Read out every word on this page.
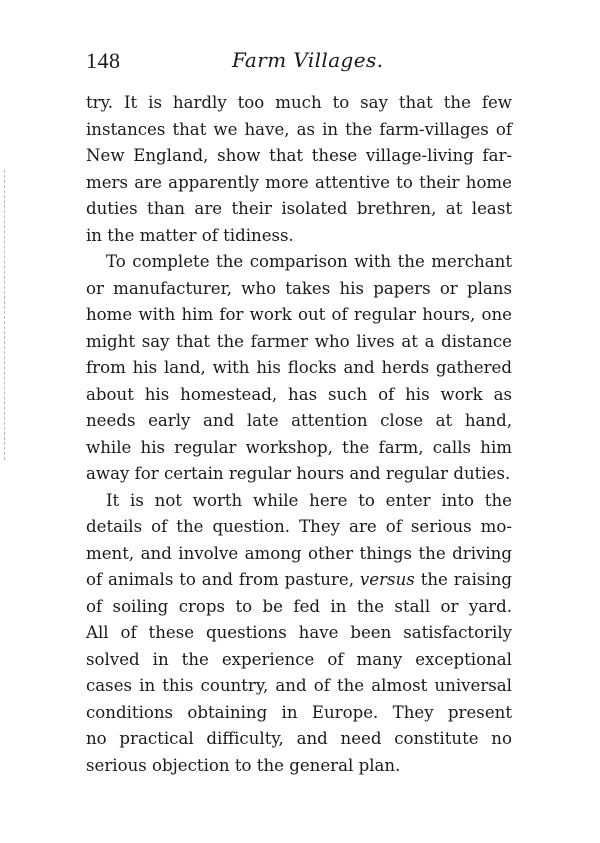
148	Farm Villages.
try. It is hardly too much to say that the few
instances that we have, as in the farm-villages of
New England, show that these village-living far-
mers are apparently more attentive to their home
duties than are their isolated brethren, at least
in the matter of tidiness.
To complete the comparison with the merchant
or manufacturer, who takes his papers or plans
home with him for work out of regular hours, one
might say that the farmer who lives at a distance
from his land, with his flocks and herds gathered
about his homestead, has such of his work as
needs early and late attention close at hand,
while his regular workshop, the farm, calls him
away for certain regular hours and regular duties.
It is not worth while here to enter into the
details of the question. They are of serious mo-
ment, and involve among other things the driving
of animals to and from pasture, versus the raising
of soiling crops to be fed in the stall or yard.
All of these questions have been satisfactorily
solved in the experience of many exceptional
cases in this country, and of the almost universal
conditions obtaining in Europe. They present
no practical difficulty, and need constitute no
serious objection to the general plan.
